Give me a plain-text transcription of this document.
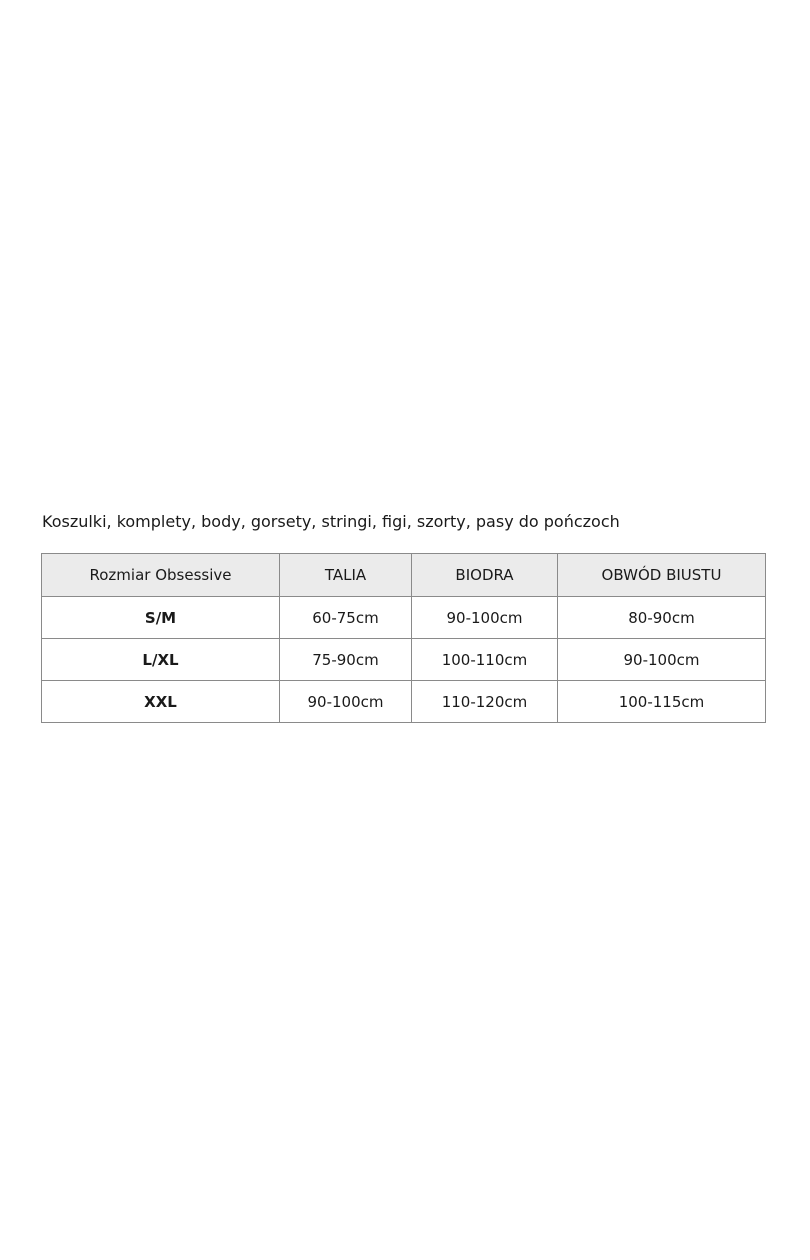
Koszulki, komplety, body, gorsety, stringi, figi, szorty, pasy do pończoch
Rozmiar Obsessive	TALIA	BIODRA	OBWÓD BIUSTU
S/M	60-75cm	90-100cm	80-90cm
L/XL	75-90cm	100-110cm	90-100cm
XXL	90-100cm	110-120cm	100-115cm
